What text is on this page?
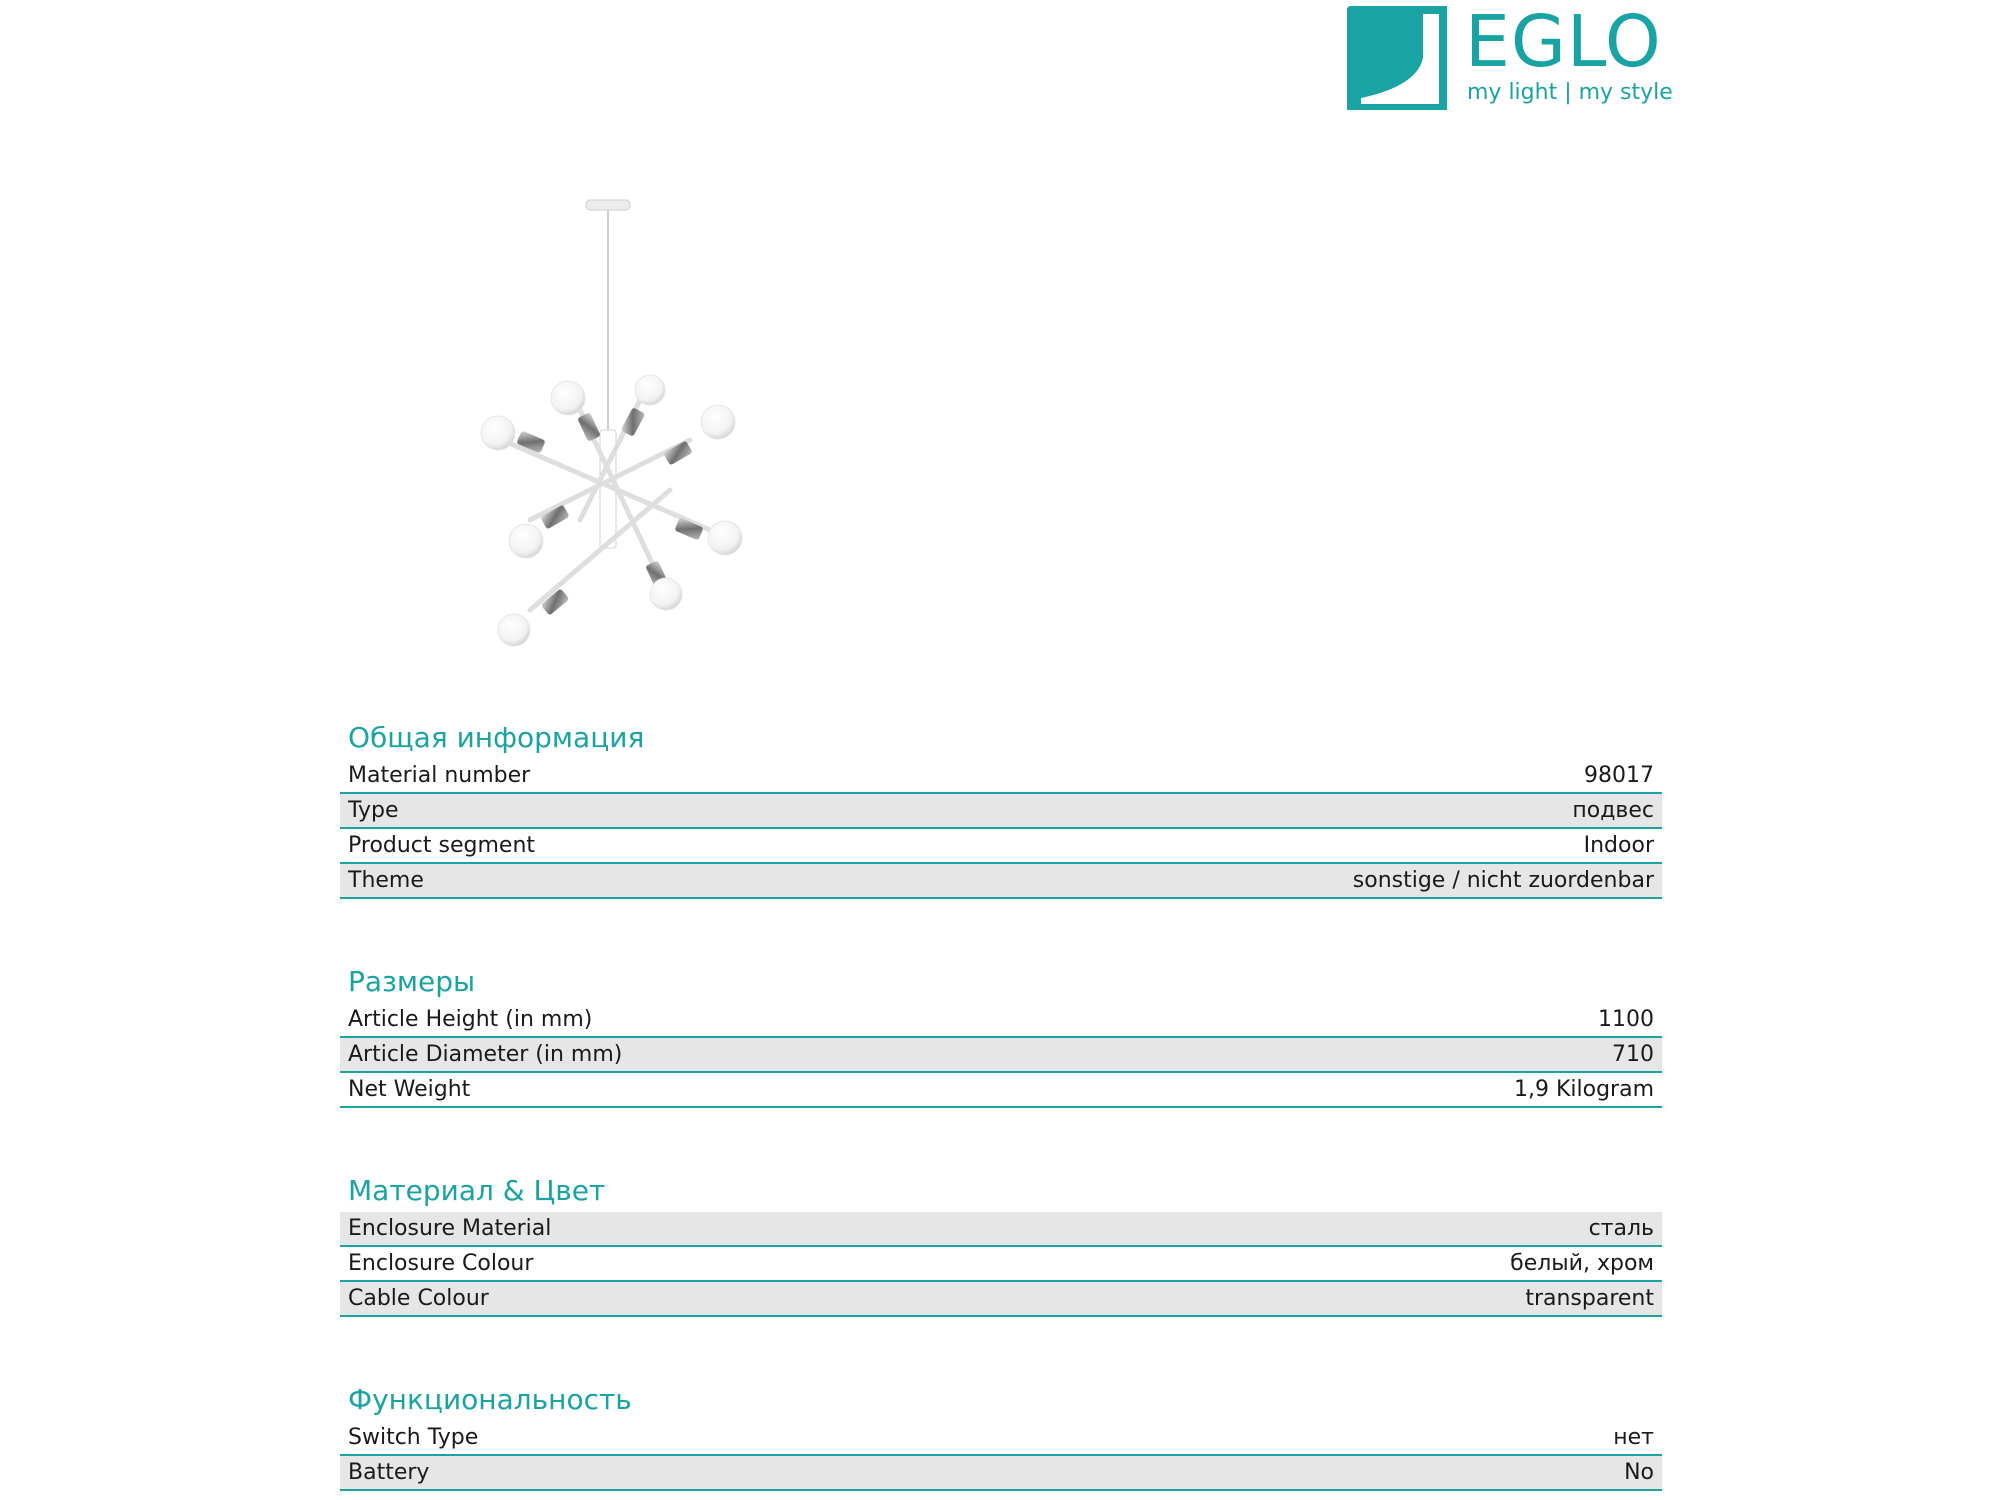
EGLO
my light | my style
Общая информация
Material number	98017
Type	подвес
Product segment	Indoor
Theme	sonstige / nicht zuordenbar
Размеры
Article Height (in mm)	1100
Article Diameter (in mm)	710
Net Weight	1,9 Kilogram
Материал & Цвет
Enclosure Material	сталь
Enclosure Colour	белый, хром
Cable Colour	transparent
Функциональность
Switch Type	нет
Battery	No
